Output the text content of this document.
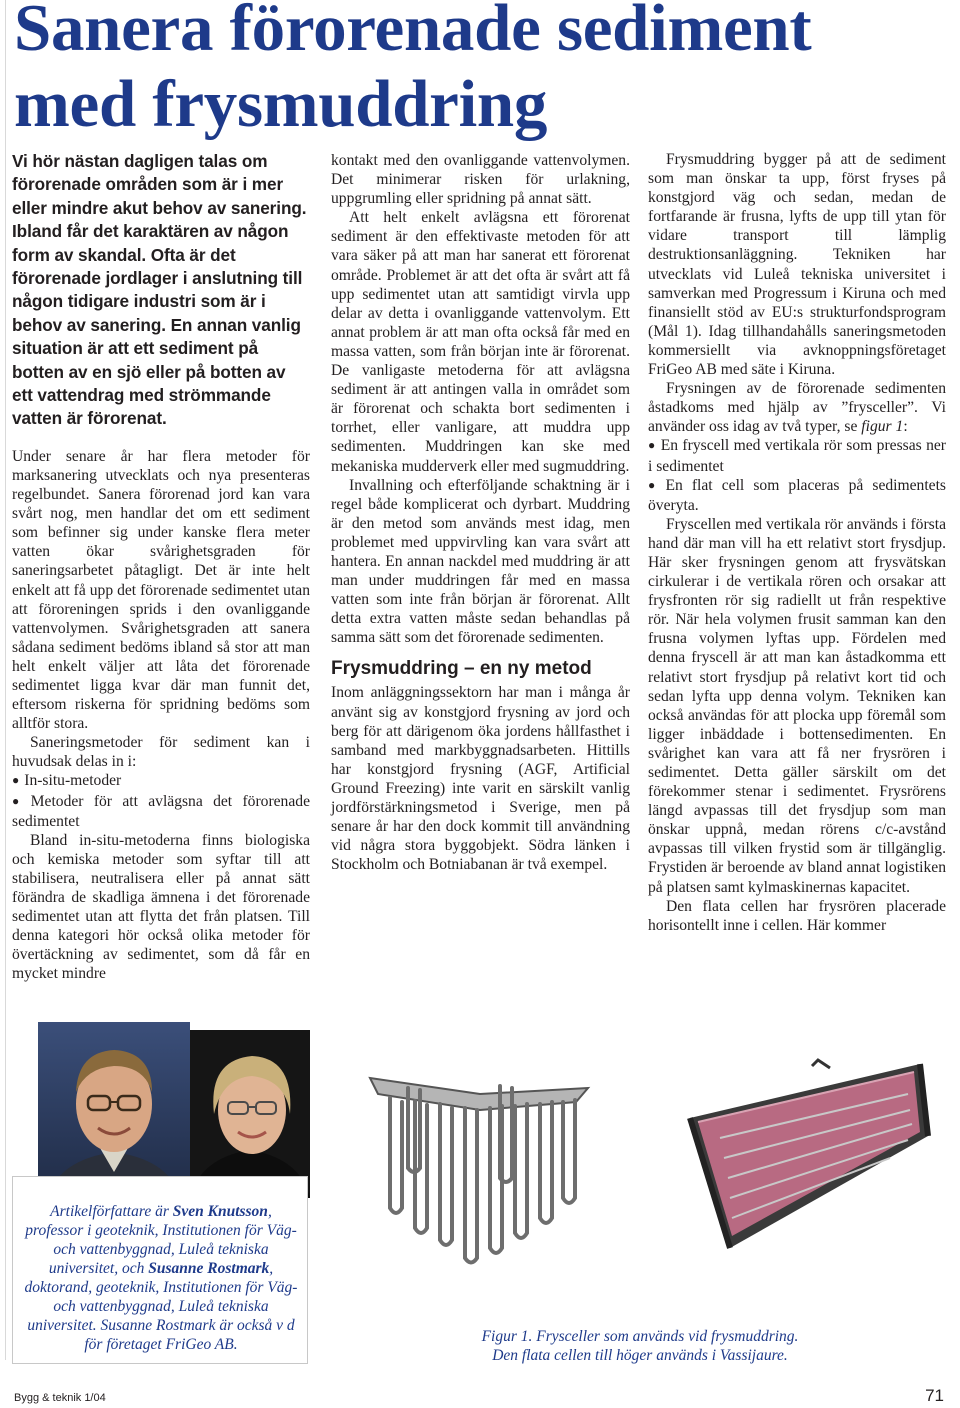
Sanera förorenade sediment
med frysmuddring

Vi hör nästan dagligen talas om förorenade områden som är i mer eller mindre akut behov av sanering. Ibland får det karaktären av någon form av skandal. Ofta är det förorenade jordlager i anslutning till någon tidigare industri som är i behov av sanering. En annan vanlig situation är att ett sediment på botten av en sjö eller på botten av ett vattendrag med strömmande vatten är förorenat.

Under senare år har flera metoder för marksanering utvecklats och nya presenteras regelbundet. Sanera förorenad jord kan vara svårt nog, men handlar det om ett sediment som befinner sig under kanske flera meter vatten ökar svårighetsgraden för saneringsarbetet påtagligt. Det är inte helt enkelt att få upp det förorenade sedimentet utan att föroreningen sprids i den ovanliggande vattenvolymen. Svårighetsgraden att sanera sådana sediment bedöms ibland så stor att man helt enkelt väljer att låta det förorenade sedimentet ligga kvar där man funnit det, eftersom riskerna för spridning bedöms som alltför stora.

Saneringsmetoder för sediment kan i huvudsak delas in i:

● In-situ-metoder

● Metoder för att avlägsna det förorenade sedimentet

Bland in-situ-metoderna finns biologiska och kemiska metoder som syftar till att stabilisera, neutralisera eller på annat sätt förändra de skadliga ämnena i det förorenade sedimentet utan att flytta det från platsen. Till denna kategori hör också olika metoder för övertäckning av sedimentet, som då får en mycket mindre

kontakt med den ovanliggande vattenvolymen. Det minimerar risken för urlakning, uppgrumling eller spridning på annat sätt.

Att helt enkelt avlägsna ett förorenat sediment är den effektivaste metoden för att vara säker på att man har sanerat ett förorenat område. Problemet är att det ofta är svårt att få upp sedimentet utan att samtidigt virvla upp delar av detta i ovanliggande vattenvolym. Ett annat problem är att man ofta också får med en massa vatten, som från början inte är förorenat. De vanligaste metoderna för att avlägsna sediment är att antingen valla in området som är förorenat och schakta bort sedimenten i torrhet, eller vanligare, att muddra upp sedimenten. Muddringen kan ske med mekaniska mudderverk eller med sugmuddring.

Invallning och efterföljande schaktning är i regel både komplicerat och dyrbart. Muddring är den metod som används mest idag, men problemet med uppvirvling kan vara svårt att hantera. En annan nackdel med muddring är att man under muddringen får med en massa vatten som inte från början är förorenat. Allt detta extra vatten måste sedan behandlas på samma sätt som det förorenade sedimenten.

Frysmuddring – en ny metod

Inom anläggningssektorn har man i många år använt sig av konstgjord frysning av jord och berg för att därigenom öka jordens hållfasthet i samband med markbyggnadsarbeten. Hittills har konstgjord frysning (AGF, Artificial Ground Freezing) inte varit en särskilt vanlig jordförstärkningsmetod i Sverige, men på senare år har den dock kommit till användning vid några stora byggobjekt. Södra länken i Stockholm och Botniabanan är två exempel.

Frysmuddring bygger på att de sediment som man önskar ta upp, först fryses på konstgjord väg och sedan, medan de fortfarande är frusna, lyfts de upp till ytan för vidare transport till lämplig destruktionsanläggning. Tekniken har utvecklats vid Luleå tekniska universitet i samverkan med Progressum i Kiruna och med finansiellt stöd av EU:s strukturfondsprogram (Mål 1). Idag tillhandahålls saneringsmetoden kommersiellt via avknoppningsföretaget FriGeo AB med säte i Kiruna.

Frysningen av de förorenade sedimenten åstadkoms med hjälp av ”frysceller”. Vi använder oss idag av två typer, se figur 1:

● En fryscell med vertikala rör som pressas ner i sedimentet

● En flat cell som placeras på sedimentets överyta.

Fryscellen med vertikala rör används i första hand där man vill ha ett relativt stort frysdjup. Här sker frysningen genom att frysvätskan cirkulerar i de vertikala rören och orsakar att frysfronten rör sig radiellt ut från respektive rör. När hela volymen frusit samman kan den frusna volymen lyftas upp. Fördelen med denna fryscell är att man kan åstadkomma ett relativt stort frysdjup på relativt kort tid och sedan lyfta upp denna volym. Tekniken kan också användas för att plocka upp föremål som ligger inbäddade i bottensedimenten. En svårighet kan vara att få ner frysrören i sedimentet. Detta gäller särskilt om det förekommer stenar i sedimentet. Frysrörens längd avpassas till det frysdjup som man önskar uppnå, medan rörens c/c-avstånd avpassas till vilken frystid som är tillgänglig. Frystiden är beroende av bland annat logistiken på platsen samt kylmaskinernas kapacitet.

Den flata cellen har frysrören placerade horisontellt inne i cellen. Här kommer

Artikelförfattare är Sven Knutsson, professor i geoteknik, Institutionen för Väg- och vattenbyggnad, Luleå tekniska universitet, och Susanne Rostmark, doktorand, geoteknik, Institutionen för Väg- och vattenbyggnad, Luleå tekniska universitet. Susanne Rostmark är också v d för företaget FriGeo AB.

Figur 1. Frysceller som används vid frysmuddring.
Den flata cellen till höger används i Vassijaure.

Bygg & teknik 1/04	71
